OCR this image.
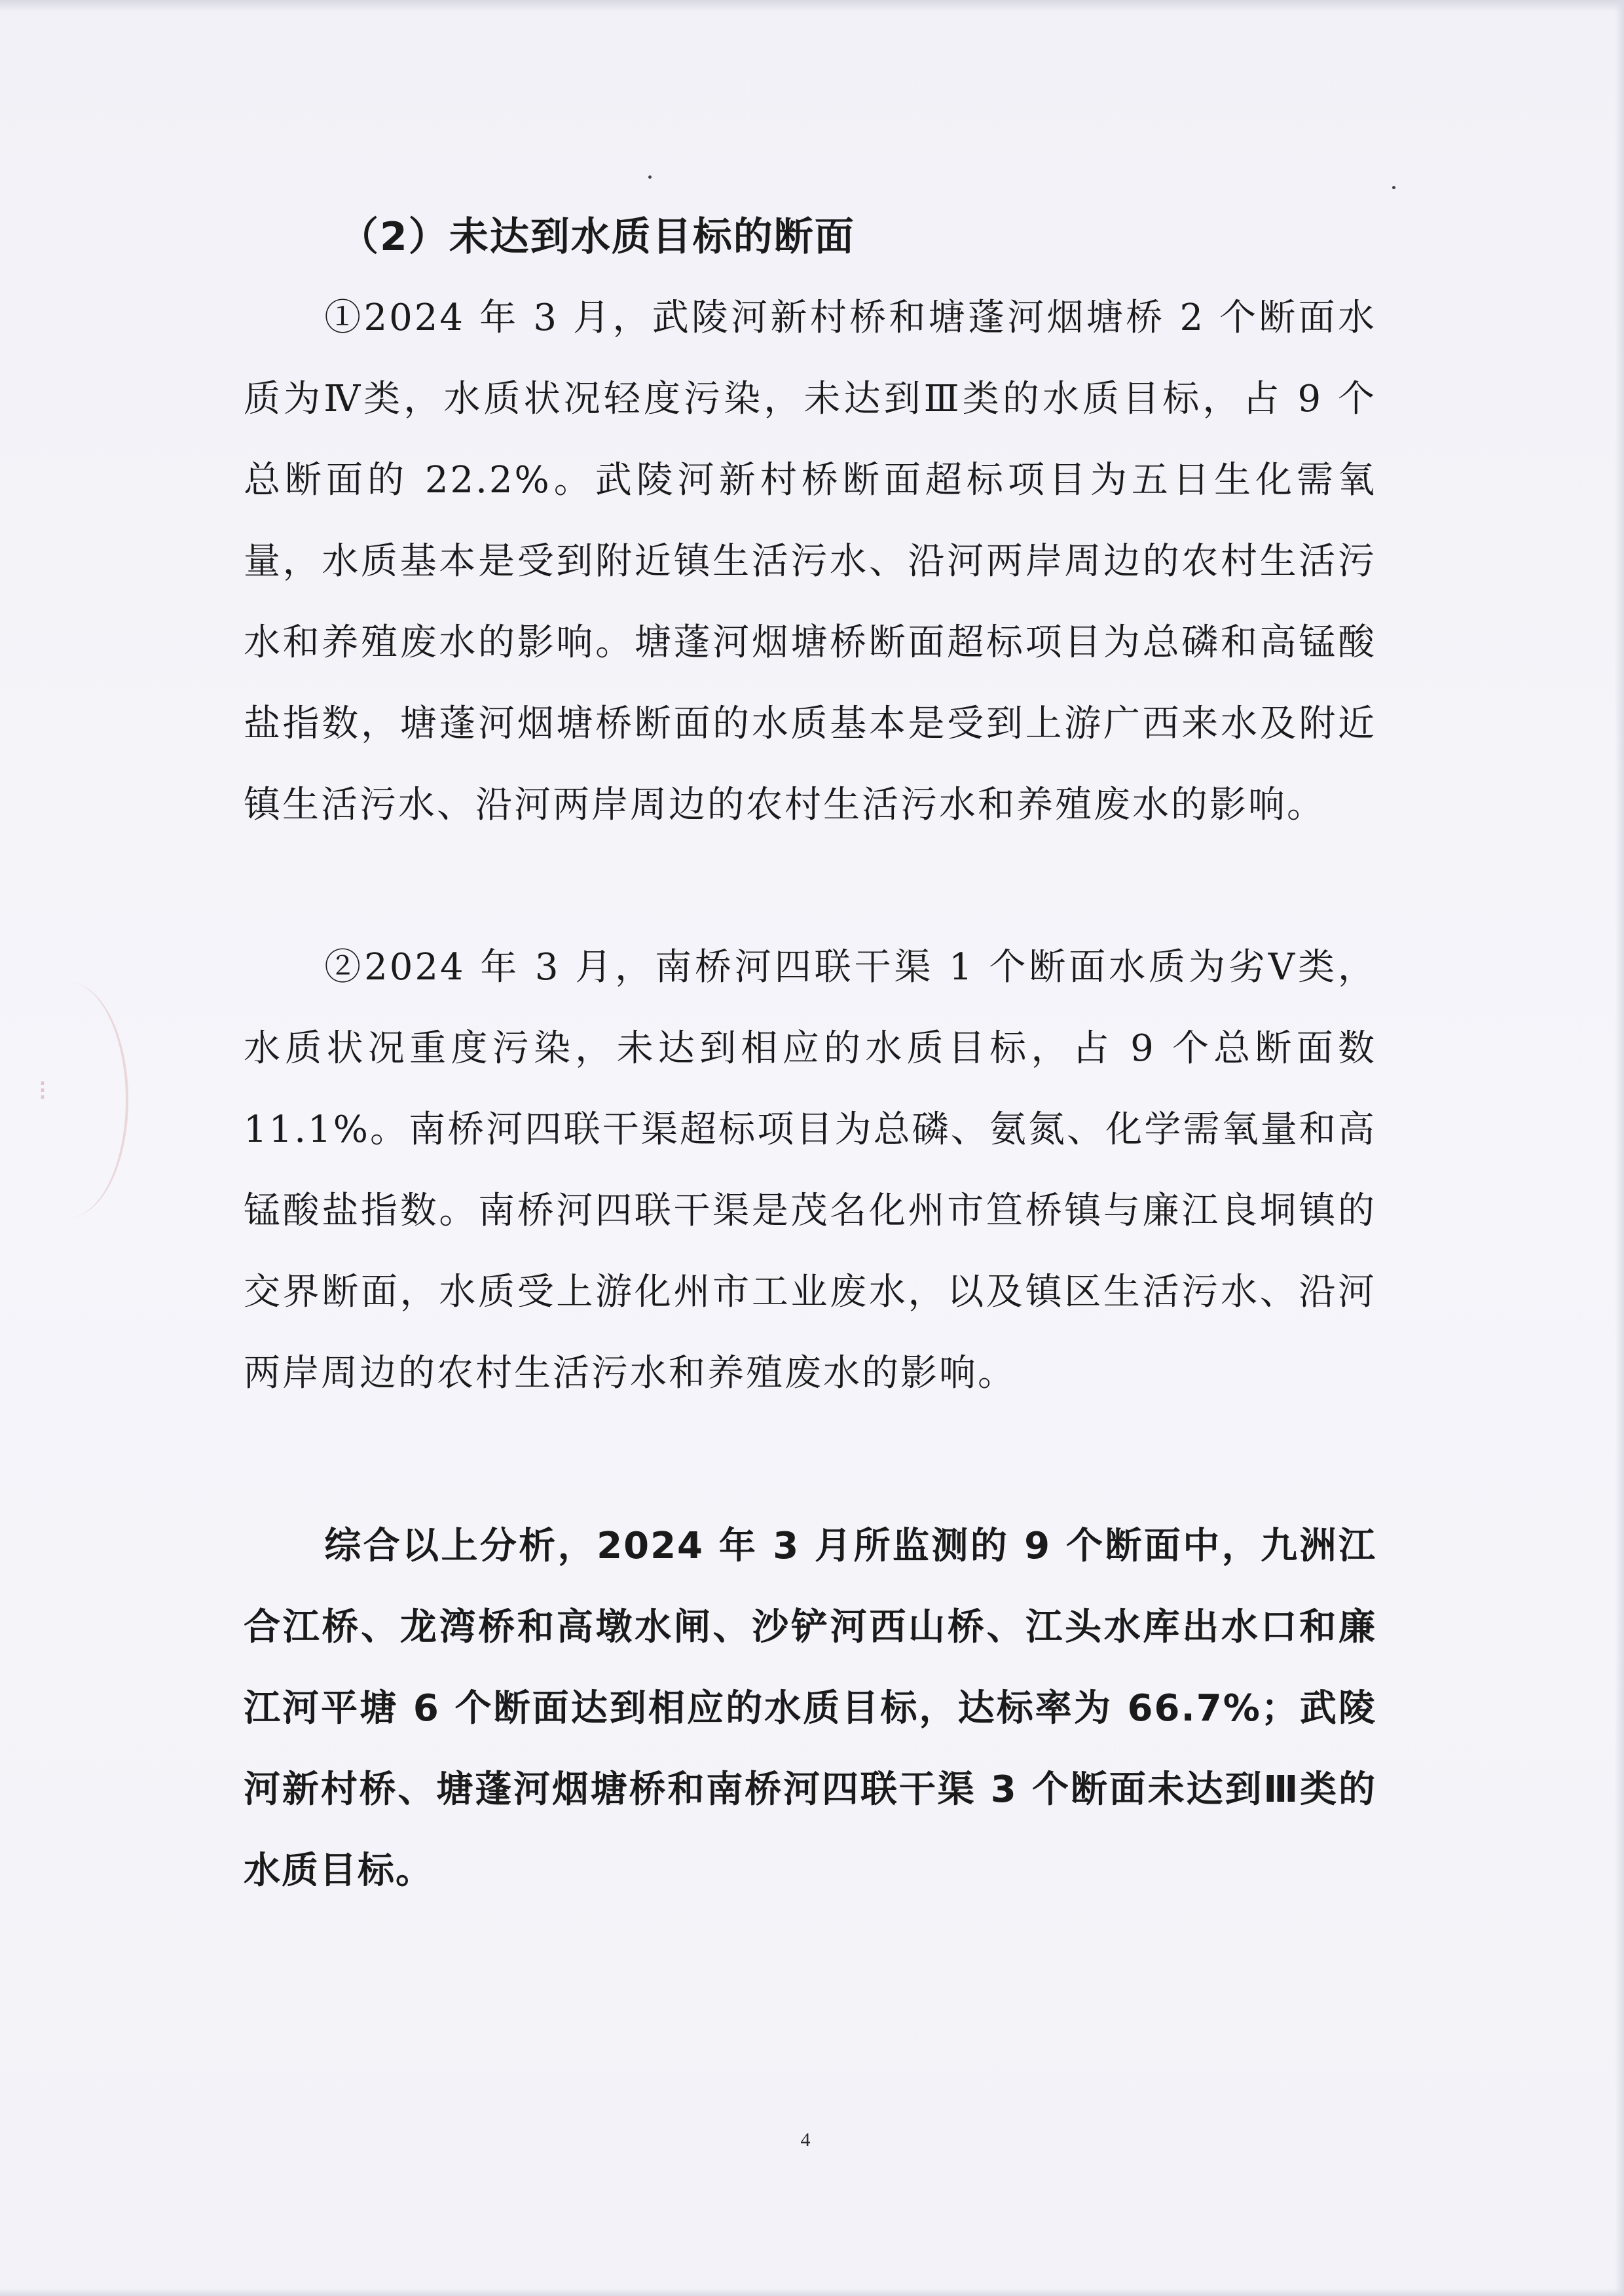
⁝
（2）未达到水质目标的断面

①2024 年 3 月，武陵河新村桥和塘蓬河烟塘桥 2 个断面水质为Ⅳ类，水质状况轻度污染，未达到Ⅲ类的水质目标，占 9 个总断面的 22.2%。武陵河新村桥断面超标项目为五日生化需氧量，水质基本是受到附近镇生活污水、沿河两岸周边的农村生活污水和养殖废水的影响。塘蓬河烟塘桥断面超标项目为总磷和高锰酸盐指数，塘蓬河烟塘桥断面的水质基本是受到上游广西来水及附近镇生活污水、沿河两岸周边的农村生活污水和养殖废水的影响。

②2024 年 3 月，南桥河四联干渠 1 个断面水质为劣Ⅴ类，水质状况重度污染，未达到相应的水质目标，占 9 个总断面数 11.1%。南桥河四联干渠超标项目为总磷、氨氮、化学需氧量和高锰酸盐指数。南桥河四联干渠是茂名化州市笪桥镇与廉江良垌镇的交界断面，水质受上游化州市工业废水，以及镇区生活污水、沿河两岸周边的农村生活污水和养殖废水的影响。

综合以上分析，2024 年 3 月所监测的 9 个断面中，九洲江合江桥、龙湾桥和高墩水闸、沙铲河西山桥、江头水库出水口和廉江河平塘 6 个断面达到相应的水质目标，达标率为 66.7%；武陵河新村桥、塘蓬河烟塘桥和南桥河四联干渠 3 个断面未达到Ⅲ类的水质目标。

4
